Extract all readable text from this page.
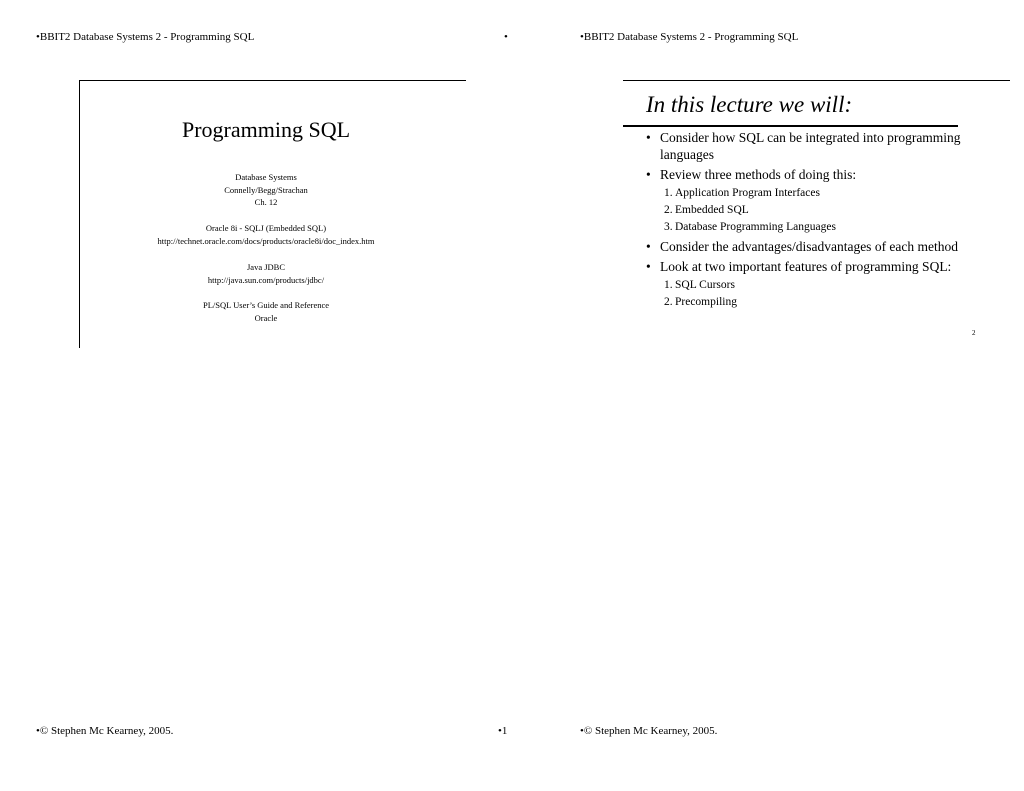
•BBIT2 Database Systems 2 - Programming SQL	•	•BBIT2 Database Systems 2 - Programming SQL
Programming SQL
Database Systems
Connelly/Begg/Strachan
Ch. 12
Oracle 8i - SQLJ (Embedded SQL)
http://technet.oracle.com/docs/products/oracle8i/doc_index.htm
Java JDBC
http://java.sun.com/products/jdbc/
PL/SQL User’s Guide and Reference
Oracle
In this lecture we will:
• Consider how SQL can be integrated into programming languages
• Review three methods of doing this:
1. Application Program Interfaces
2. Embedded SQL
3. Database Programming Languages
• Consider the advantages/disadvantages of each method
• Look at two important features of programming SQL:
1. SQL Cursors
2. Precompiling
2
•© Stephen Mc Kearney, 2005.	•1	•© Stephen Mc Kearney, 2005.
